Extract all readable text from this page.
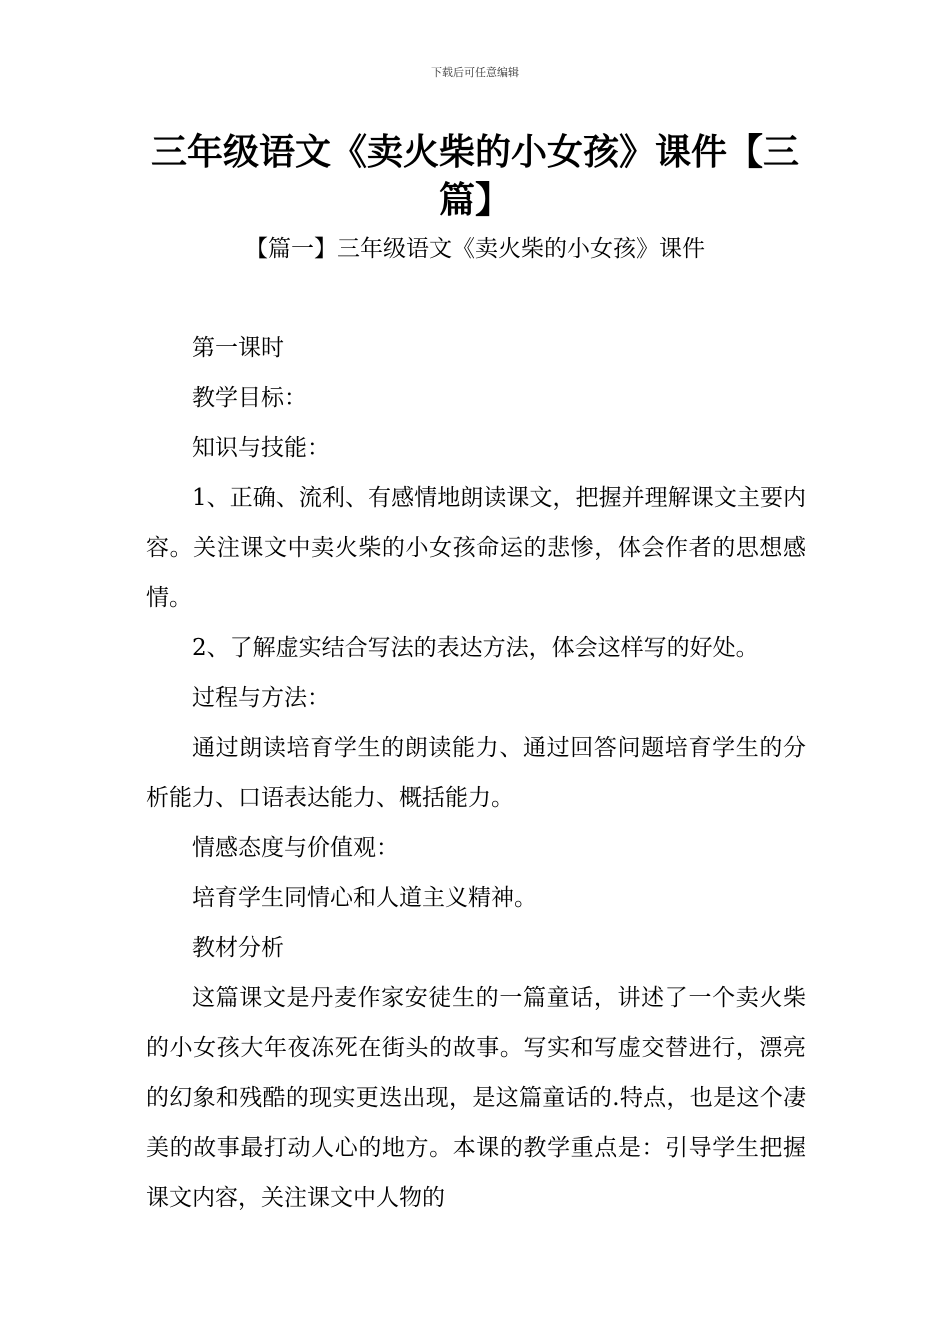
下载后可任意编辑
三年级语文《卖火柴的小女孩》课件【三篇】
【篇一】三年级语文《卖火柴的小女孩》课件

第一课时

教学目标：

知识与技能：

1、正确、流利、有感情地朗读课文，把握并理解课文主要内容。关注课文中卖火柴的小女孩命运的悲惨，体会作者的思想感情。

2、了解虚实结合写法的表达方法，体会这样写的好处。

过程与方法：

通过朗读培育学生的朗读能力、通过回答问题培育学生的分析能力、口语表达能力、概括能力。

情感态度与价值观：

培育学生同情心和人道主义精神。

教材分析

这篇课文是丹麦作家安徒生的一篇童话，讲述了一个卖火柴的小女孩大年夜冻死在街头的故事。写实和写虚交替进行，漂亮的幻象和残酷的现实更迭出现，是这篇童话的.特点，也是这个凄美的故事最打动人心的地方。本课的教学重点是：引导学生把握课文内容，关注课文中人物的
